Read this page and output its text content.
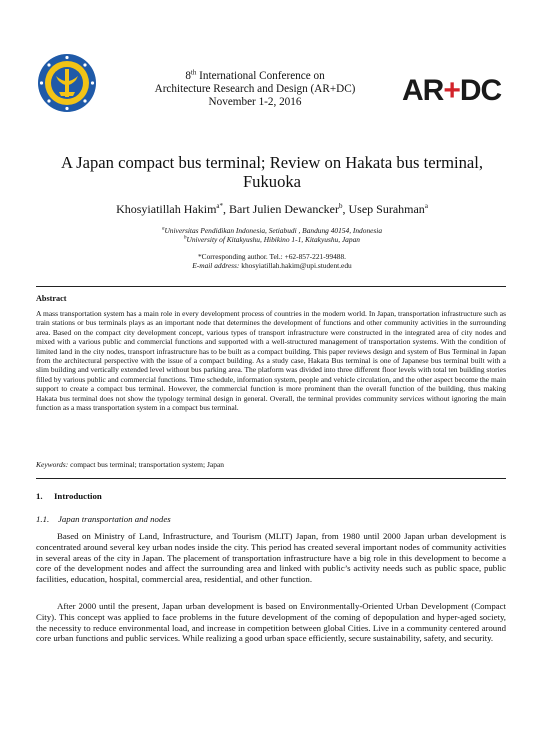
8th International Conference on
Architecture Research and Design (AR+DC)
November 1-2, 2016	AR+DC
A Japan compact bus terminal; Review on Hakata bus terminal,
Fukuoka
Khosyiatillah Hakim$^{a*}$, Bart Julien Dewancker$^b$, Usep Surahman$^a$
$^a$Universitas Pendidikan Indonesia, Setiabudi , Bandung 40154, Indonesia
$^b$University of Kitakyushu, Hibikino 1-1, Kitakyushu, Japan
*Corresponding author. Tel.: +62-857-221-99488.
E-mail address: khosyiatillah.hakim@upi.student.edu
Abstract
A mass transportation system has a main role in every development process of countries in the modern world. In Japan, transportation infrastructure such as train stations or bus terminals plays as an important node that determines the development of functions and other community activities in the surrounding area. Based on the compact city development concept, various types of transport infrastructure were constructed in the integrated area of city nodes and mixed with a various public and commercial functions and supported with a well-structured management of transportation systems. With the condition of limited land in the city nodes, transport infrastructure has to be built as a compact building. This paper reviews design and system of Bus Terminal in Japan from the architectural perspective with the issue of a compact building. As a study case, Hakata Bus terminal is one of Japanese bus terminal built with a slim building and vertically extended level without bus parking area. The platform was divided into three different floor levels with total ten building stories filled by various public and commercial functions. Time schedule, information system, people and vehicle circulation, and the other aspect become the main support to create a compact bus terminal. However, the commercial function is more prominent than the overall function of the building, thus making Hakata bus terminal does not show the typology terminal design in general. Overall, the terminal provides community services without ignoring the main function as a mass transportation system in a compact bus terminal.
Keywords: compact bus terminal; transportation system; Japan
1. Introduction
1.1. Japan transportation and nodes
Based on Ministry of Land, Infrastructure, and Tourism (MLIT) Japan, from 1980 until 2000 Japan urban development is concentrated around several key urban nodes inside the city. This period has created several important nodes of community activities in several areas of the city in Japan. The placement of transportation infrastructure have a big role in this development to become a core of the development nodes and affect the surrounding area and linked with public’s activity needs such as public space, public facilities, education, hospital, commercial area, residential, and other function.
After 2000 until the present, Japan urban development is based on Environmentally-Oriented Urban Development (Compact City). This concept was applied to face problems in the future development of the coming of depopulation and hyper-aged society, the necessity to reduce environmental load, and increase in competition between global Cities. Live in a community centered around core urban functions and public services. While realizing a good urban space efficiently, secure sustainability, safety, and security.
